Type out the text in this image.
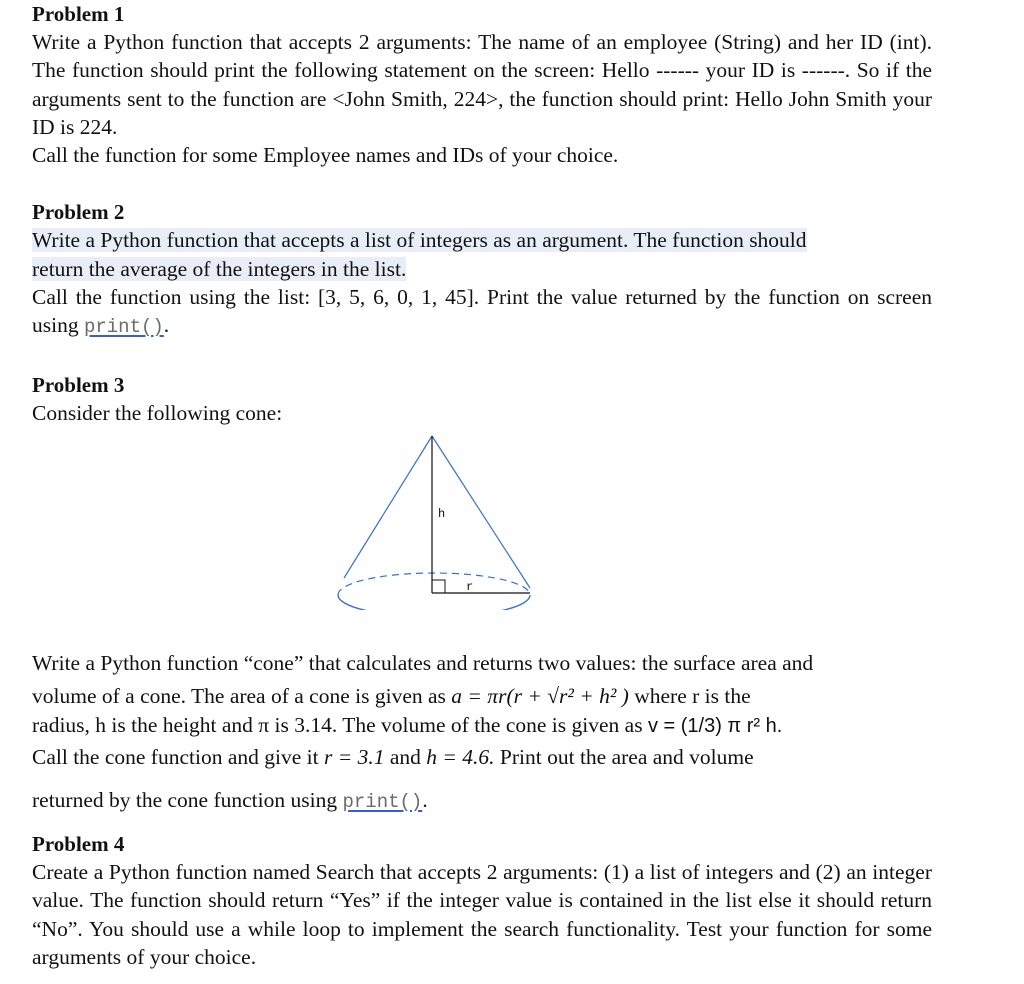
Problem 1
Write a Python function that accepts 2 arguments: The name of an employee (String) and her ID (int). The function should print the following statement on the screen: Hello ------ your ID is ------. So if the arguments sent to the function are <John Smith, 224>, the function should print: Hello John Smith your ID is 224.
Call the function for some Employee names and IDs of your choice.
Problem 2
Write a Python function that accepts a list of integers as an argument. The function should
return the average of the integers in the list.
Call the function using the list: [3, 5, 6, 0, 1, 45]. Print the value returned by the function on screen using print().
Problem 3
Consider the following cone:
h
r
Write a Python function “cone” that calculates and returns two values: the surface area and
volume of a cone. The area of a cone is given as a = πr(r + √r² + h² ) where r is the
radius, h is the height and π is 3.14. The volume of the cone is given as v = (1/3) π r² h.
Call the cone function and give it r = 3.1 and h = 4.6. Print out the area and volume
returned by the cone function using print().
Problem 4
Create a Python function named Search that accepts 2 arguments: (1) a list of integers and (2) an integer value. The function should return “Yes” if the integer value is contained in the list else it should return “No”. You should use a while loop to implement the search functionality. Test your function for some arguments of your choice.
